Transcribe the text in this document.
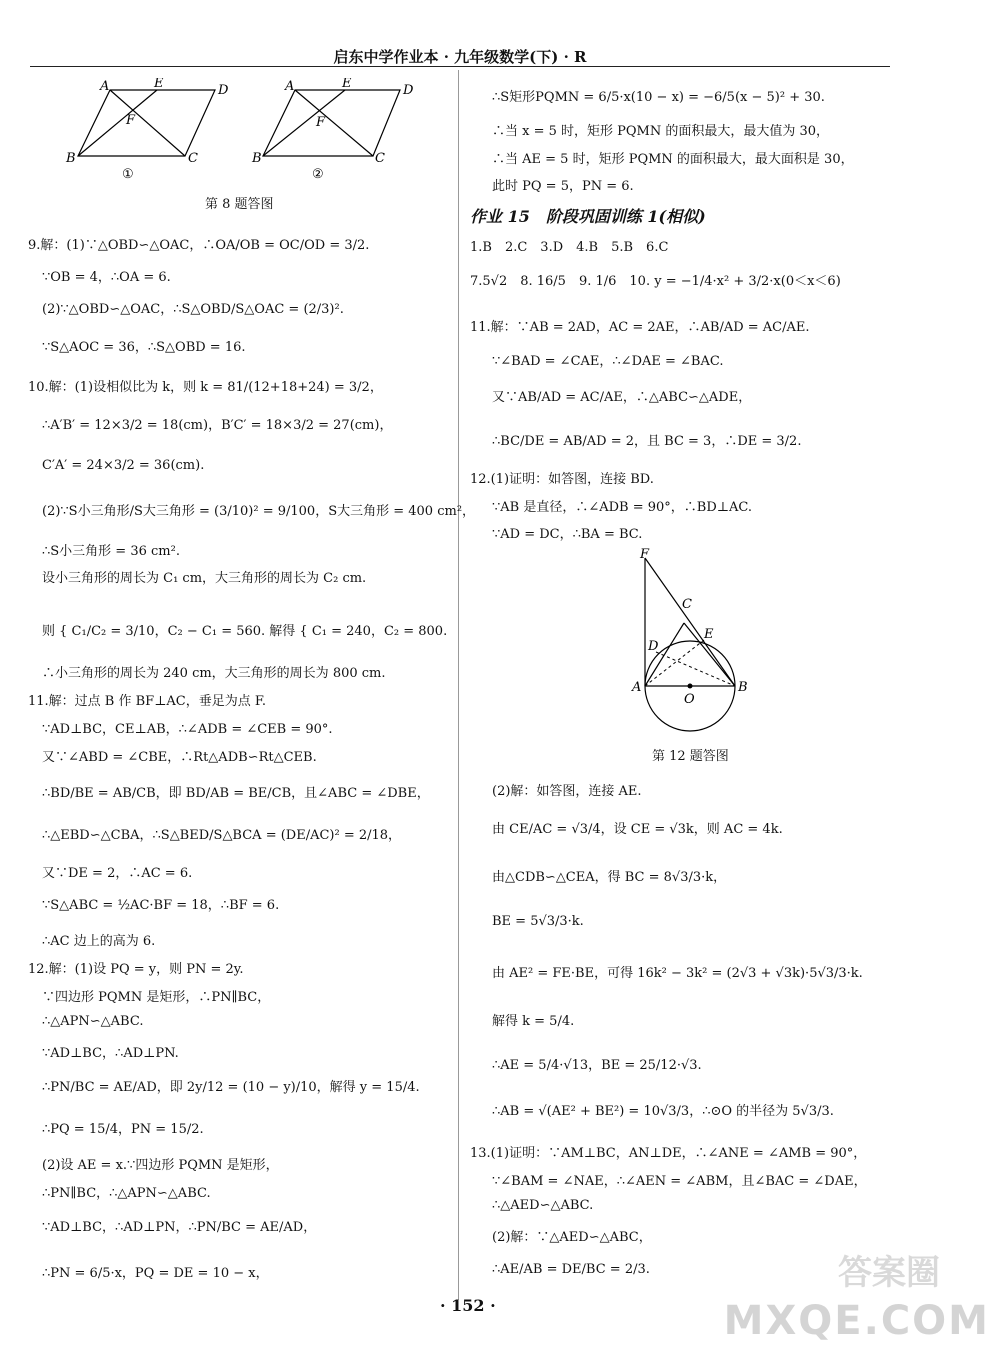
启东中学作业本 · 九年级数学(下) · R
A	E	D
F
B	C
A	E	D
F
B	C
①	②
第 8 题答图
9.解：(1)∵△OBD∽△OAC，∴OA/OB = OC/OD = 3/2.
∵OB = 4，∴OA = 6.
(2)∵△OBD∽△OAC，∴S△OBD/S△OAC = (2/3)².
∵S△AOC = 36，∴S△OBD = 16.
10.解：(1)设相似比为 k，则 k = 81/(12+18+24) = 3/2，
∴A′B′ = 12×3/2 = 18(cm)，B′C′ = 18×3/2 = 27(cm)，
C′A′ = 24×3/2 = 36(cm).
(2)∵S小三角形/S大三角形 = (3/10)² = 9/100，S大三角形 = 400 cm²，
∴S小三角形 = 36 cm².
设小三角形的周长为 C₁ cm，大三角形的周长为 C₂ cm.
则 { C₁/C₂ = 3/10，C₂ − C₁ = 560. 解得 { C₁ = 240，C₂ = 800.
∴小三角形的周长为 240 cm，大三角形的周长为 800 cm.
11.解：过点 B 作 BF⊥AC，垂足为点 F.
∵AD⊥BC，CE⊥AB，∴∠ADB = ∠CEB = 90°.
又∵∠ABD = ∠CBE，∴Rt△ADB∽Rt△CEB.
∴BD/BE = AB/CB，即 BD/AB = BE/CB，且∠ABC = ∠DBE，
∴△EBD∽△CBA，∴S△BED/S△BCA = (DE/AC)² = 2/18，
又∵DE = 2，∴AC = 6.
∵S△ABC = ½AC·BF = 18，∴BF = 6.
∴AC 边上的高为 6.
12.解：(1)设 PQ = y，则 PN = 2y.
∵四边形 PQMN 是矩形，∴PN∥BC，
∴△APN∽△ABC.
∵AD⊥BC，∴AD⊥PN.
∴PN/BC = AE/AD，即 2y/12 = (10 − y)/10，解得 y = 15/4.
∴PQ = 15/4，PN = 15/2.
(2)设 AE = x.∵四边形 PQMN 是矩形，
∴PN∥BC，∴△APN∽△ABC.
∵AD⊥BC，∴AD⊥PN，∴PN/BC = AE/AD，
∴PN = 6/5·x，PQ = DE = 10 − x，
∴S矩形PQMN = 6/5·x(10 − x) = −6/5(x − 5)² + 30.
∴当 x = 5 时，矩形 PQMN 的面积最大，最大值为 30，
∴当 AE = 5 时，矩形 PQMN 的面积最大，最大面积是 30，
此时 PQ = 5，PN = 6.
作业 15　阶段巩固训练 1(相似)
1.B　2.C　3.D　4.B　5.B　6.C
7.5√2　8. 16/5　9. 1/6　10. y = −1/4·x² + 3/2·x(0＜x＜6)
11.解：∵AB = 2AD，AC = 2AE，∴AB/AD = AC/AE.
∵∠BAD = ∠CAE，∴∠DAE = ∠BAC.
又∵AB/AD = AC/AE，∴△ABC∽△ADE，
∴BC/DE = AB/AD = 2，且 BC = 3，∴DE = 3/2.
12.(1)证明：如答图，连接 BD.
∵AB 是直径，∴∠ADB = 90°，∴BD⊥AC.
∵AD = DC，∴BA = BC.
(2)解：如答图，连接 AE.
由 CE/AC = √3/4，设 CE = √3k，则 AC = 4k.
由△CDB∽△CEA，得 BC = 8√3/3·k，
BE = 5√3/3·k.
由 AE² = FE·BE，可得 16k² − 3k² = (2√3 + √3k)·5√3/3·k.
解得 k = 5/4.
∴AE = 5/4·√13，BE = 25/12·√3.
∴AB = √(AE² + BE²) = 10√3/3，∴⊙O 的半径为 5√3/3.
13.(1)证明：∵AM⊥BC，AN⊥DE，∴∠ANE = ∠AMB = 90°，
∵∠BAM = ∠NAE，∴∠AEN = ∠ABM，且∠BAC = ∠DAE，
∴△AED∽△ABC.
(2)解：∵△AED∽△ABC，
∴AE/AB = DE/BC = 2/3.
F
C
E
D
A
O
B
第 12 题答图
· 152 ·
答案圈
MXQE.COM
